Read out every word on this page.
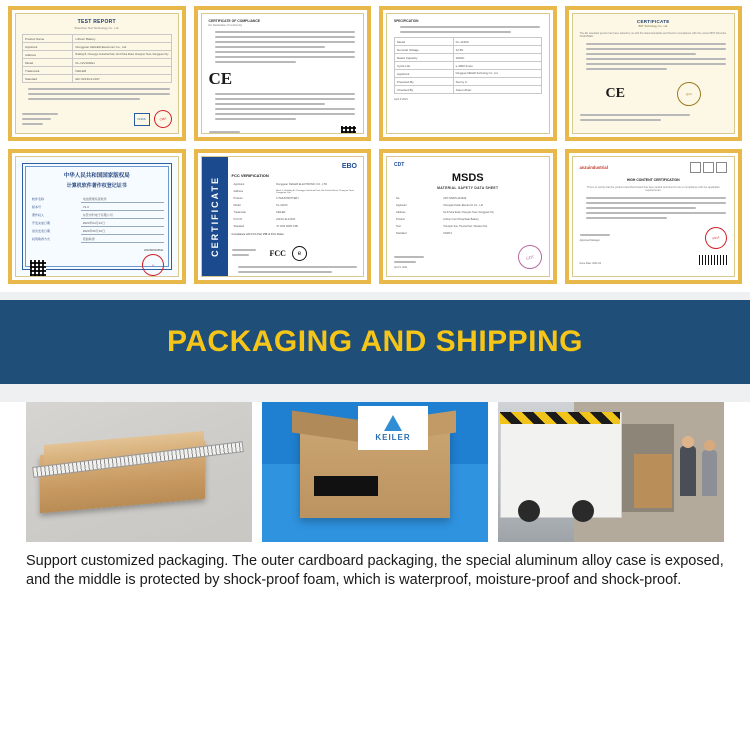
TEST REPORT
Shenzhen Test Technology Co., Ltd.
Product Name	Lithium Battery
Applicant	Dongguan KEILER Electronic Co., Ltd.
Address	Building B, Chuangye Industrial Park, No.6 Heha Road, Chang'an Town, Dongguan City
Model	KL-12V100AH
Trademark	KEILER
Standard	IEC 62133-2:2017
CNAS	CMA
CERTIFICATE OF COMPLIANCE
EC Declaration of Conformity
CE
SPECIFICATION
Model	KL-12100
Nominal Voltage	12.8V
Rated Capacity	100Ah
Cycle Life	≥ 4000 times
Applicant	Dongguan KEILER Technology Co., Ltd.
Prepared By	Sunny Li
Checked By	Jason Zhan
April 9 2021
CERTIFICATE
BST Technology Co., Ltd.
The EU standard person has been tested by us with the listed standards and found in compliance with the current BST Directive 2014/35/EU.
CE	SEAL
中华人民共和国国家版权局
计算机软件著作权登记证书
软件名称	电池管理系统软件
版本号	V1.0
著作权人	东莞市科电子有限公司
开发完成日期	2020年04月21日
首次发表日期	2020年05月10日
权利取得方式	原始取得
2020SR0435621
★
CERTIFICATE
EBO
FCC VERIFICATION
Applicant	Dongguan KEILER ELECTRONIC CO., LTD
Address	Block 1, Building B, Chuangye Industrial Park, No.6 Heha Road, Chang'an Town, Dongguan City
Product	LITHIUM BATTERY
Model	KL-12100
Trademark	KEILER
FCC ID	2AFJK-KL12100
Standard	47 CFR PART 15B
Compliance with FCC Part 15B of FCC Rules
FCC	e
CDT
MSDS
MATERIAL SAFETY DATA SHEET
No.	CDT-MSDS-210409
Applicant	Chengdu Keller Electronic Co., Ltd
Address	No.6 Heha Road, Chang'an Town, Dongguan City
Product	Lithium Iron Phosphate Battery
Test	Transport Test, Thermal Test, Vibration Test
Standard	UN38.3
April 9, 2021
CDT
anzuindustrial
HIGH CONTENT CERTIFICATION
This is to certify that the product described below has been tested and found to be in compliance with the applicable requirements.
Approved Manager	PICA
Issue Date: 2021-04
PACKAGING AND SHIPPING
KEILER
Support customized packaging. The outer cardboard packaging, the special aluminum alloy case is exposed, and the middle is protected by shock-proof foam, which is waterproof, moisture-proof and shock-proof.
